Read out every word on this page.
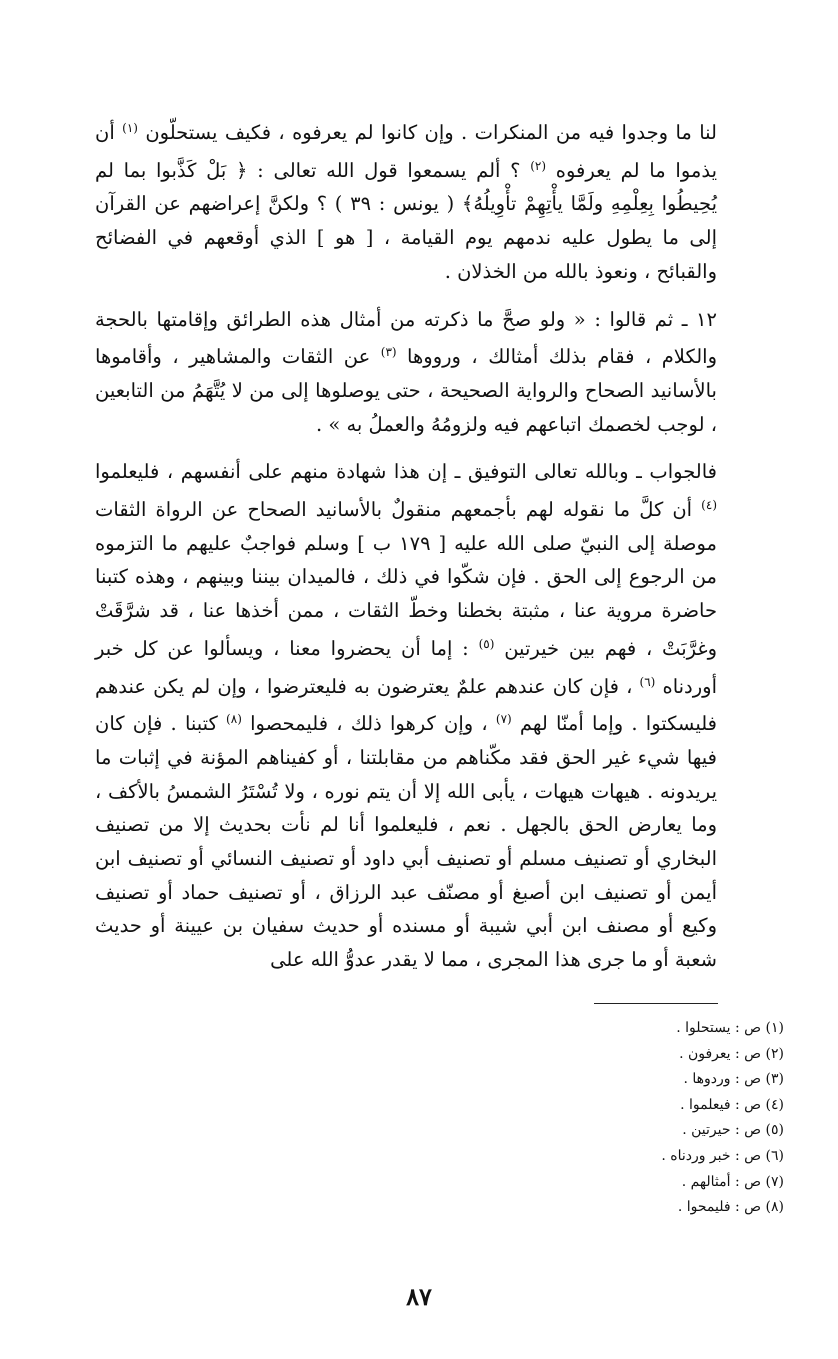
لنا ما وجدوا فيه من المنكرات . وإن كانوا لم يعرفوه ، فكيف يستحلّون $^{(١)}$ أن يذموا ما لم يعرفوه $^{(٢)}$ ؟ ألم يسمعوا قول الله تعالى : ﴿ بَلْ كَذَّبوا بما لم يُحِيطُوا بِعِلْمِهِ ولَمَّا يأْتِهِمْ تأْوِيلُهُ﴾ ( يونس : ٣٩ ) ؟ ولكنَّ إعراضهم عن القرآن إلى ما يطول عليه ندمهم يوم القيامة ، [ هو ] الذي أوقعهم في الفضائح والقبائح ، ونعوذ بالله من الخذلان .

١٢ ـ ثم قالوا : « ولو صحَّ ما ذكرته من أمثال هذه الطرائق وإقامتها بالحجة والكلام ، فقام بذلك أمثالك ، ورووها $^{(٣)}$ عن الثقات والمشاهير ، وأقاموها بالأسانيد الصحاح والرواية الصحيحة ، حتى يوصلوها إلى من لا يُتَّهَمُ من التابعين ، لوجب لخصمك اتباعهم فيه ولزومُهُ والعملُ به » .

فالجواب ـ وبالله تعالى التوفيق ـ إن هذا شهادة منهم على أنفسهم ، فليعلموا $^{(٤)}$ أن كلَّ ما نقوله لهم بأجمعهم منقولٌ بالأسانيد الصحاح عن الرواة الثقات موصلة إلى النبيّ صلى الله عليه [ ١٧٩ ب ] وسلم فواجبٌ عليهم ما التزموه من الرجوع إلى الحق . فإن شكّوا في ذلك ، فالميدان بيننا وبينهم ، وهذه كتبنا حاضرة مروية عنا ، مثبتة بخطنا وخطّ الثقات ، ممن أخذها عنا ، قد شرَّقَتْ وغرَّبَتْ ، فهم بين خيرتين $^{(٥)}$ : إما أن يحضروا معنا ، ويسألوا عن كل خبر أوردناه $^{(٦)}$ ، فإن كان عندهم علمٌ يعترضون به فليعترضوا ، وإن لم يكن عندهم فليسكتوا . وإما أمنّا لهم $^{(٧)}$ ، وإن كرهوا ذلك ، فليمحصوا $^{(٨)}$ كتبنا . فإن كان فيها شيء غير الحق فقد مكّناهم من مقابلتنا ، أو كفيناهم المؤنة في إثبات ما يريدونه . هيهات هيهات ، يأبى الله إلا أن يتم نوره ، ولا تُسْتَرُ الشمسُ بالأكف ، وما يعارض الحق بالجهل . نعم ، فليعلموا أنا لم نأت بحديث إلا من تصنيف البخاري أو تصنيف مسلم أو تصنيف أبي داود أو تصنيف النسائي أو تصنيف ابن أيمن أو تصنيف ابن أصبغ أو مصنّف عبد الرزاق ، أو تصنيف حماد أو تصنيف وكيع أو مصنف ابن أبي شيبة أو مسنده أو حديث سفيان بن عيينة أو حديث شعبة أو ما جرى هذا المجرى ، مما لا يقدر عدوُّ الله على

(١) ص : يستحلوا .
(٢) ص : يعرفون .
(٣) ص : وردوها .
(٤) ص : فيعلموا .
(٥) ص : حيرتين .
(٦) ص : خبر وردناه .
(٧) ص : أمثالهم .
(٨) ص : فليمحوا .
٨٧
